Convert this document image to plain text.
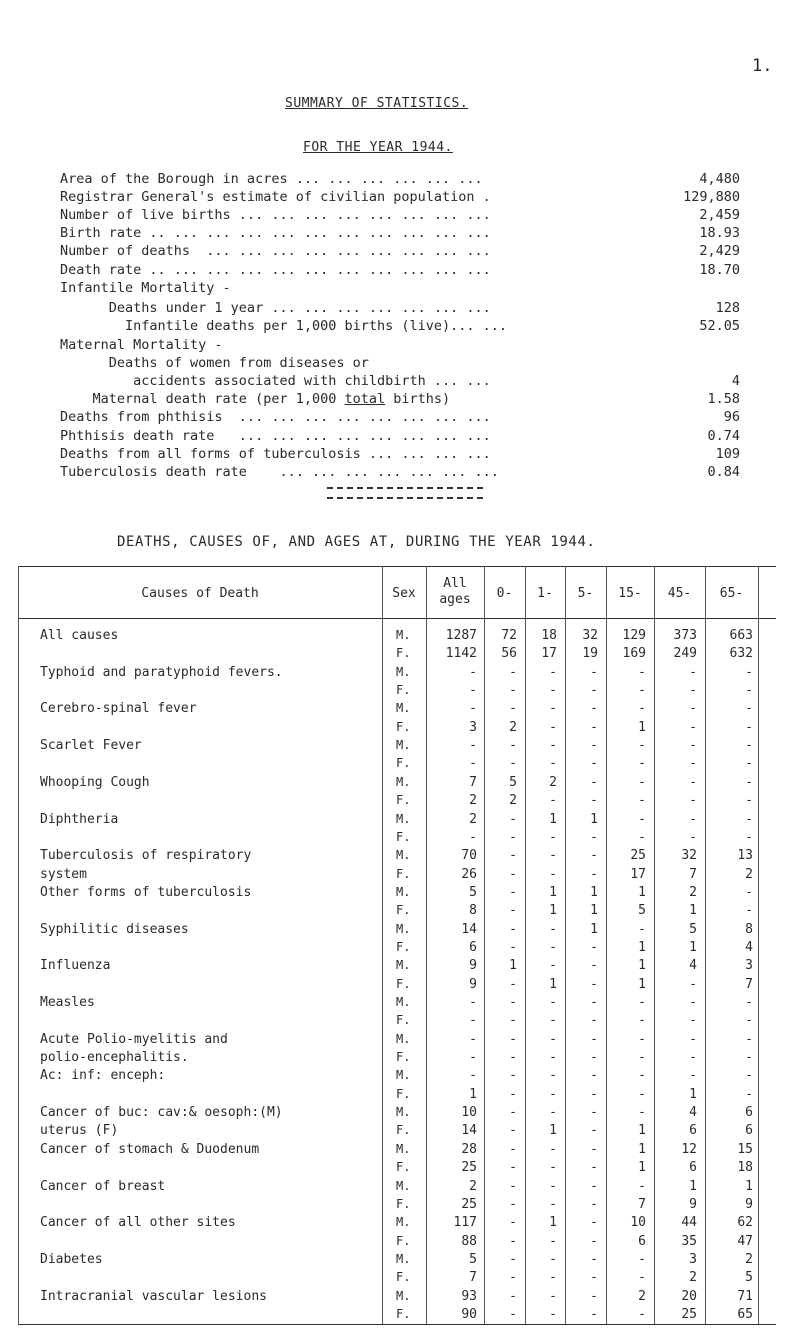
1.
SUMMARY OF STATISTICS.
FOR THE YEAR 1944.
Area of the Borough in acres ... ... ... ... ... ...	4,480
Registrar General's estimate of civilian population .	129,880
Number of live births ... ... ... ... ... ... ... ...	2,459
Birth rate .. ... ... ... ... ... ... ... ... ... ...	18.93
Number of deaths  ... ... ... ... ... ... ... ... ...	2,429
Death rate .. ... ... ... ... ... ... ... ... ... ...	18.70
Infantile Mortality -
Deaths under 1 year ... ... ... ... ... ... ...	128
Infantile deaths per 1,000 births (live)... ...	52.05
Maternal Mortality -
Deaths of women from diseases or
accidents associated with childbirth ... ...	4
Maternal death rate (per 1,000 total births)	1.58
Deaths from phthisis  ... ... ... ... ... ... ... ...	96
Phthisis death rate   ... ... ... ... ... ... ... ...	0.74
Deaths from all forms of tuberculosis ... ... ... ...	109
Tuberculosis death rate    ... ... ... ... ... ... ...	0.84
DEATHS, CAUSES OF, AND AGES AT, DURING THE YEAR 1944.
Causes of Death	Sex
All ages	0-	1-	5-	15-	45-	65-
All causes	M.	1287	72	18	32	129	373	663
F.	1142	56	17	19	169	249	632
Typhoid and paratyphoid fevers.	M.	-	-	-	-	-	-	-
F.	-	-	-	-	-	-	-
Cerebro-spinal fever	M.	-	-	-	-	-	-	-
F.	3	2	-	-	1	-	-
Scarlet Fever	M.	-	-	-	-	-	-	-
F.	-	-	-	-	-	-	-
Whooping Cough	M.	7	5	2	-	-	-	-
F.	2	2	-	-	-	-	-
Diphtheria	M.	2	-	1	1	-	-	-
F.	-	-	-	-	-	-	-
Tuberculosis of respiratory	M.	70	-	-	-	25	32	13
system	F.	26	-	-	-	17	7	2
Other forms of tuberculosis	M.	5	-	1	1	1	2	-
F.	8	-	1	1	5	1	-
Syphilitic diseases	M.	14	-	-	1	-	5	8
F.	6	-	-	-	1	1	4
Influenza	M.	9	1	-	-	1	4	3
F.	9	-	1	-	1	-	7
Measles	M.	-	-	-	-	-	-	-
F.	-	-	-	-	-	-	-
Acute Polio-myelitis and	M.	-	-	-	-	-	-	-
polio-encephalitis.	F.	-	-	-	-	-	-	-
Ac: inf: enceph:	M.	-	-	-	-	-	-	-
F.	1	-	-	-	-	1	-
Cancer of buc: cav:& oesoph:(M)	M.	10	-	-	-	-	4	6
uterus (F)	F.	14	-	1	-	1	6	6
Cancer of stomach & Duodenum	M.	28	-	-	-	1	12	15
F.	25	-	-	-	1	6	18
Cancer of breast	M.	2	-	-	-	-	1	1
F.	25	-	-	-	7	9	9
Cancer of all other sites	M.	117	-	1	-	10	44	62
F.	88	-	-	-	6	35	47
Diabetes	M.	5	-	-	-	-	3	2
F.	7	-	-	-	-	2	5
Intracranial vascular lesions	M.	93	-	-	-	2	20	71
F.	90	-	-	-	-	25	65
